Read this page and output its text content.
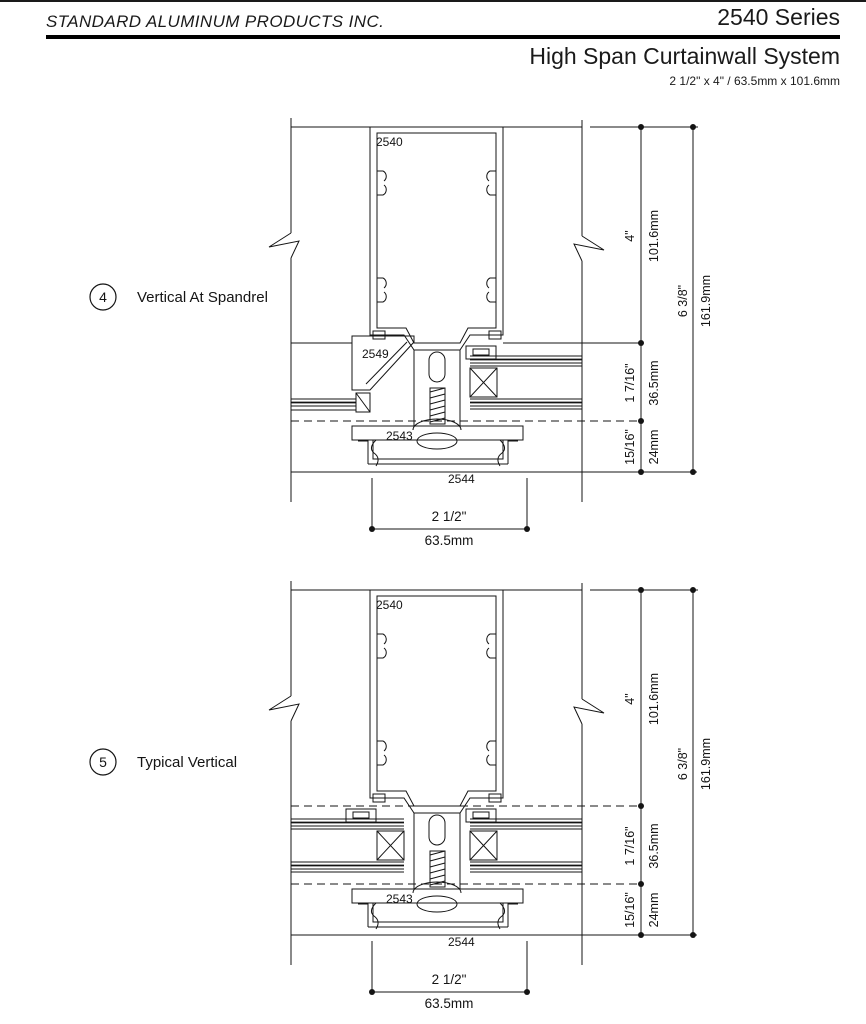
STANDARD ALUMINUM PRODUCTS INC.	2540 Series
High Span Curtainwall System
2 1/2" x 4" / 63.5mm x 101.6mm
2540
2543
2544
4" 101.6mm
1 7/16" 36.5mm
15/16" 24mm
6 3/8" 161.9mm
2 1/2"
63.5mm
2549
4 Vertical At Spandrel
5 Typical Vertical
